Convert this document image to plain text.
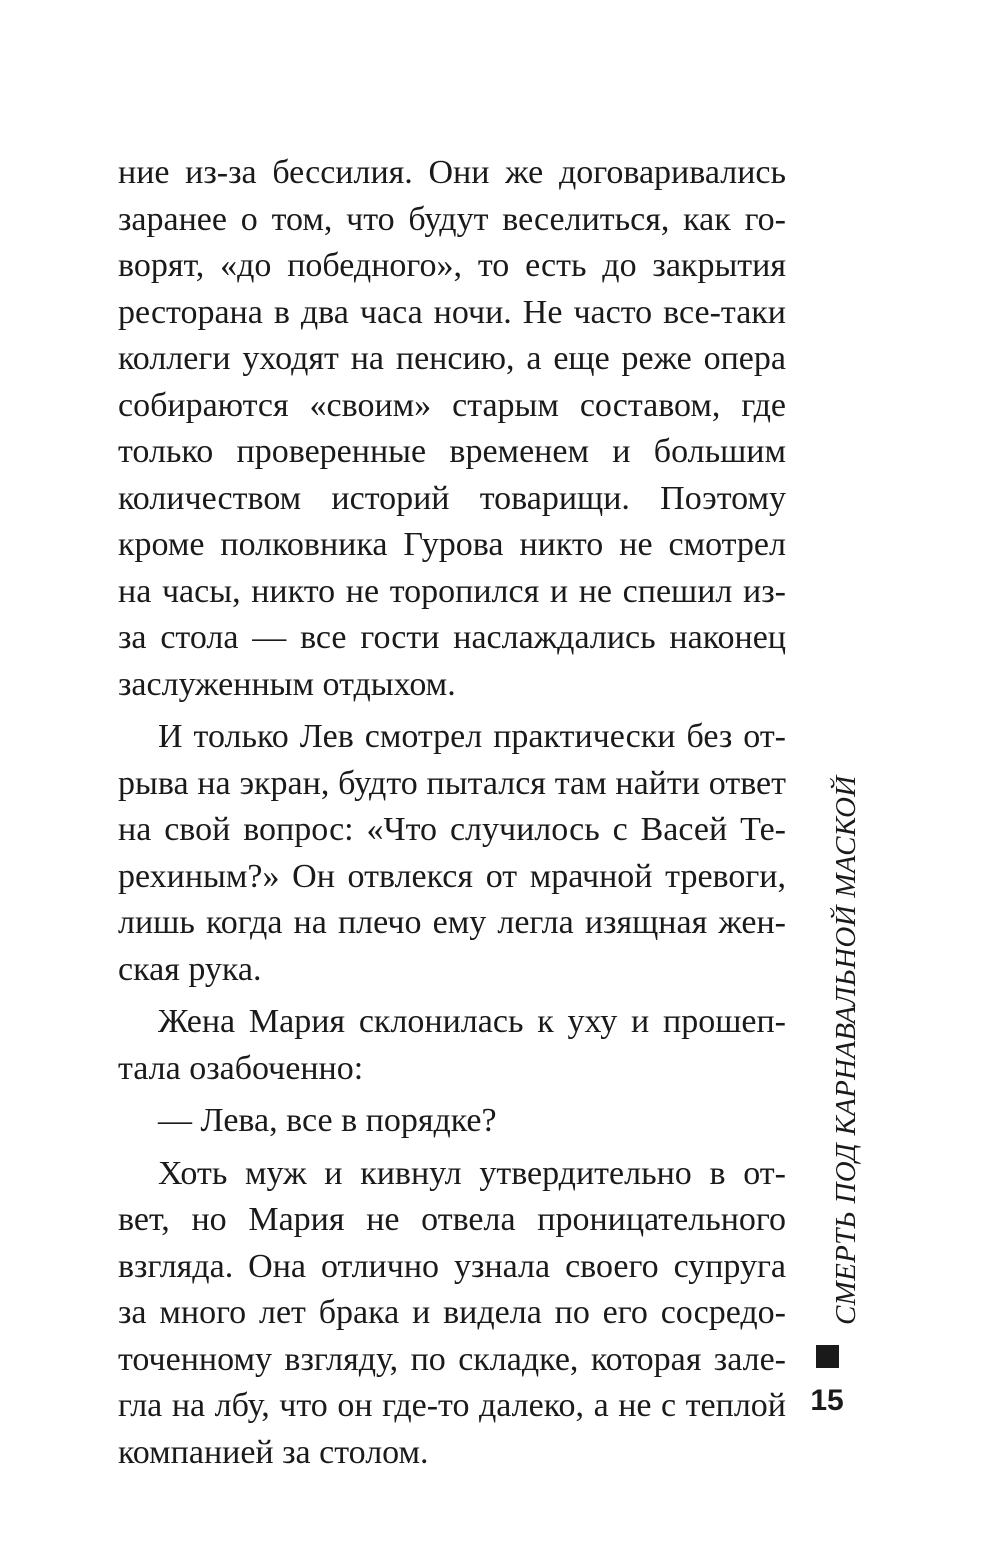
ние из-за бессилия. Они же договаривались
заранее о том, что будут веселиться, как го-
ворят, «до победного», то есть до закрытия
ресторана в два часа ночи. Не часто все-таки
коллеги уходят на пенсию, а еще реже опера
собираются «своим» старым составом, где
только проверенные временем и большим
количеством историй товарищи. Поэтому
кроме полковника Гурова никто не смотрел
на часы, никто не торопился и не спешил из-
за стола — все гости наслаждались наконец
заслуженным отдыхом.
И только Лев смотрел практически без от-
рыва на экран, будто пытался там найти ответ
на свой вопрос: «Что случилось с Васей Те-
рехиным?» Он отвлекся от мрачной тревоги,
лишь когда на плечо ему легла изящная жен-
ская рука.
Жена Мария склонилась к уху и прошеп-
тала озабоченно:
— Лева, все в порядке?
Хоть муж и кивнул утвердительно в от-
вет, но Мария не отвела проницательного
взгляда. Она отлично узнала своего супруга
за много лет брака и видела по его сосредо-
точенному взгляду, по складке, которая зале-
гла на лбу, что он где-то далеко, а не с теплой
компанией за столом.
СМЕРТЬ ПОД КАРНАВАЛЬНОЙ МАСКОЙ
15
